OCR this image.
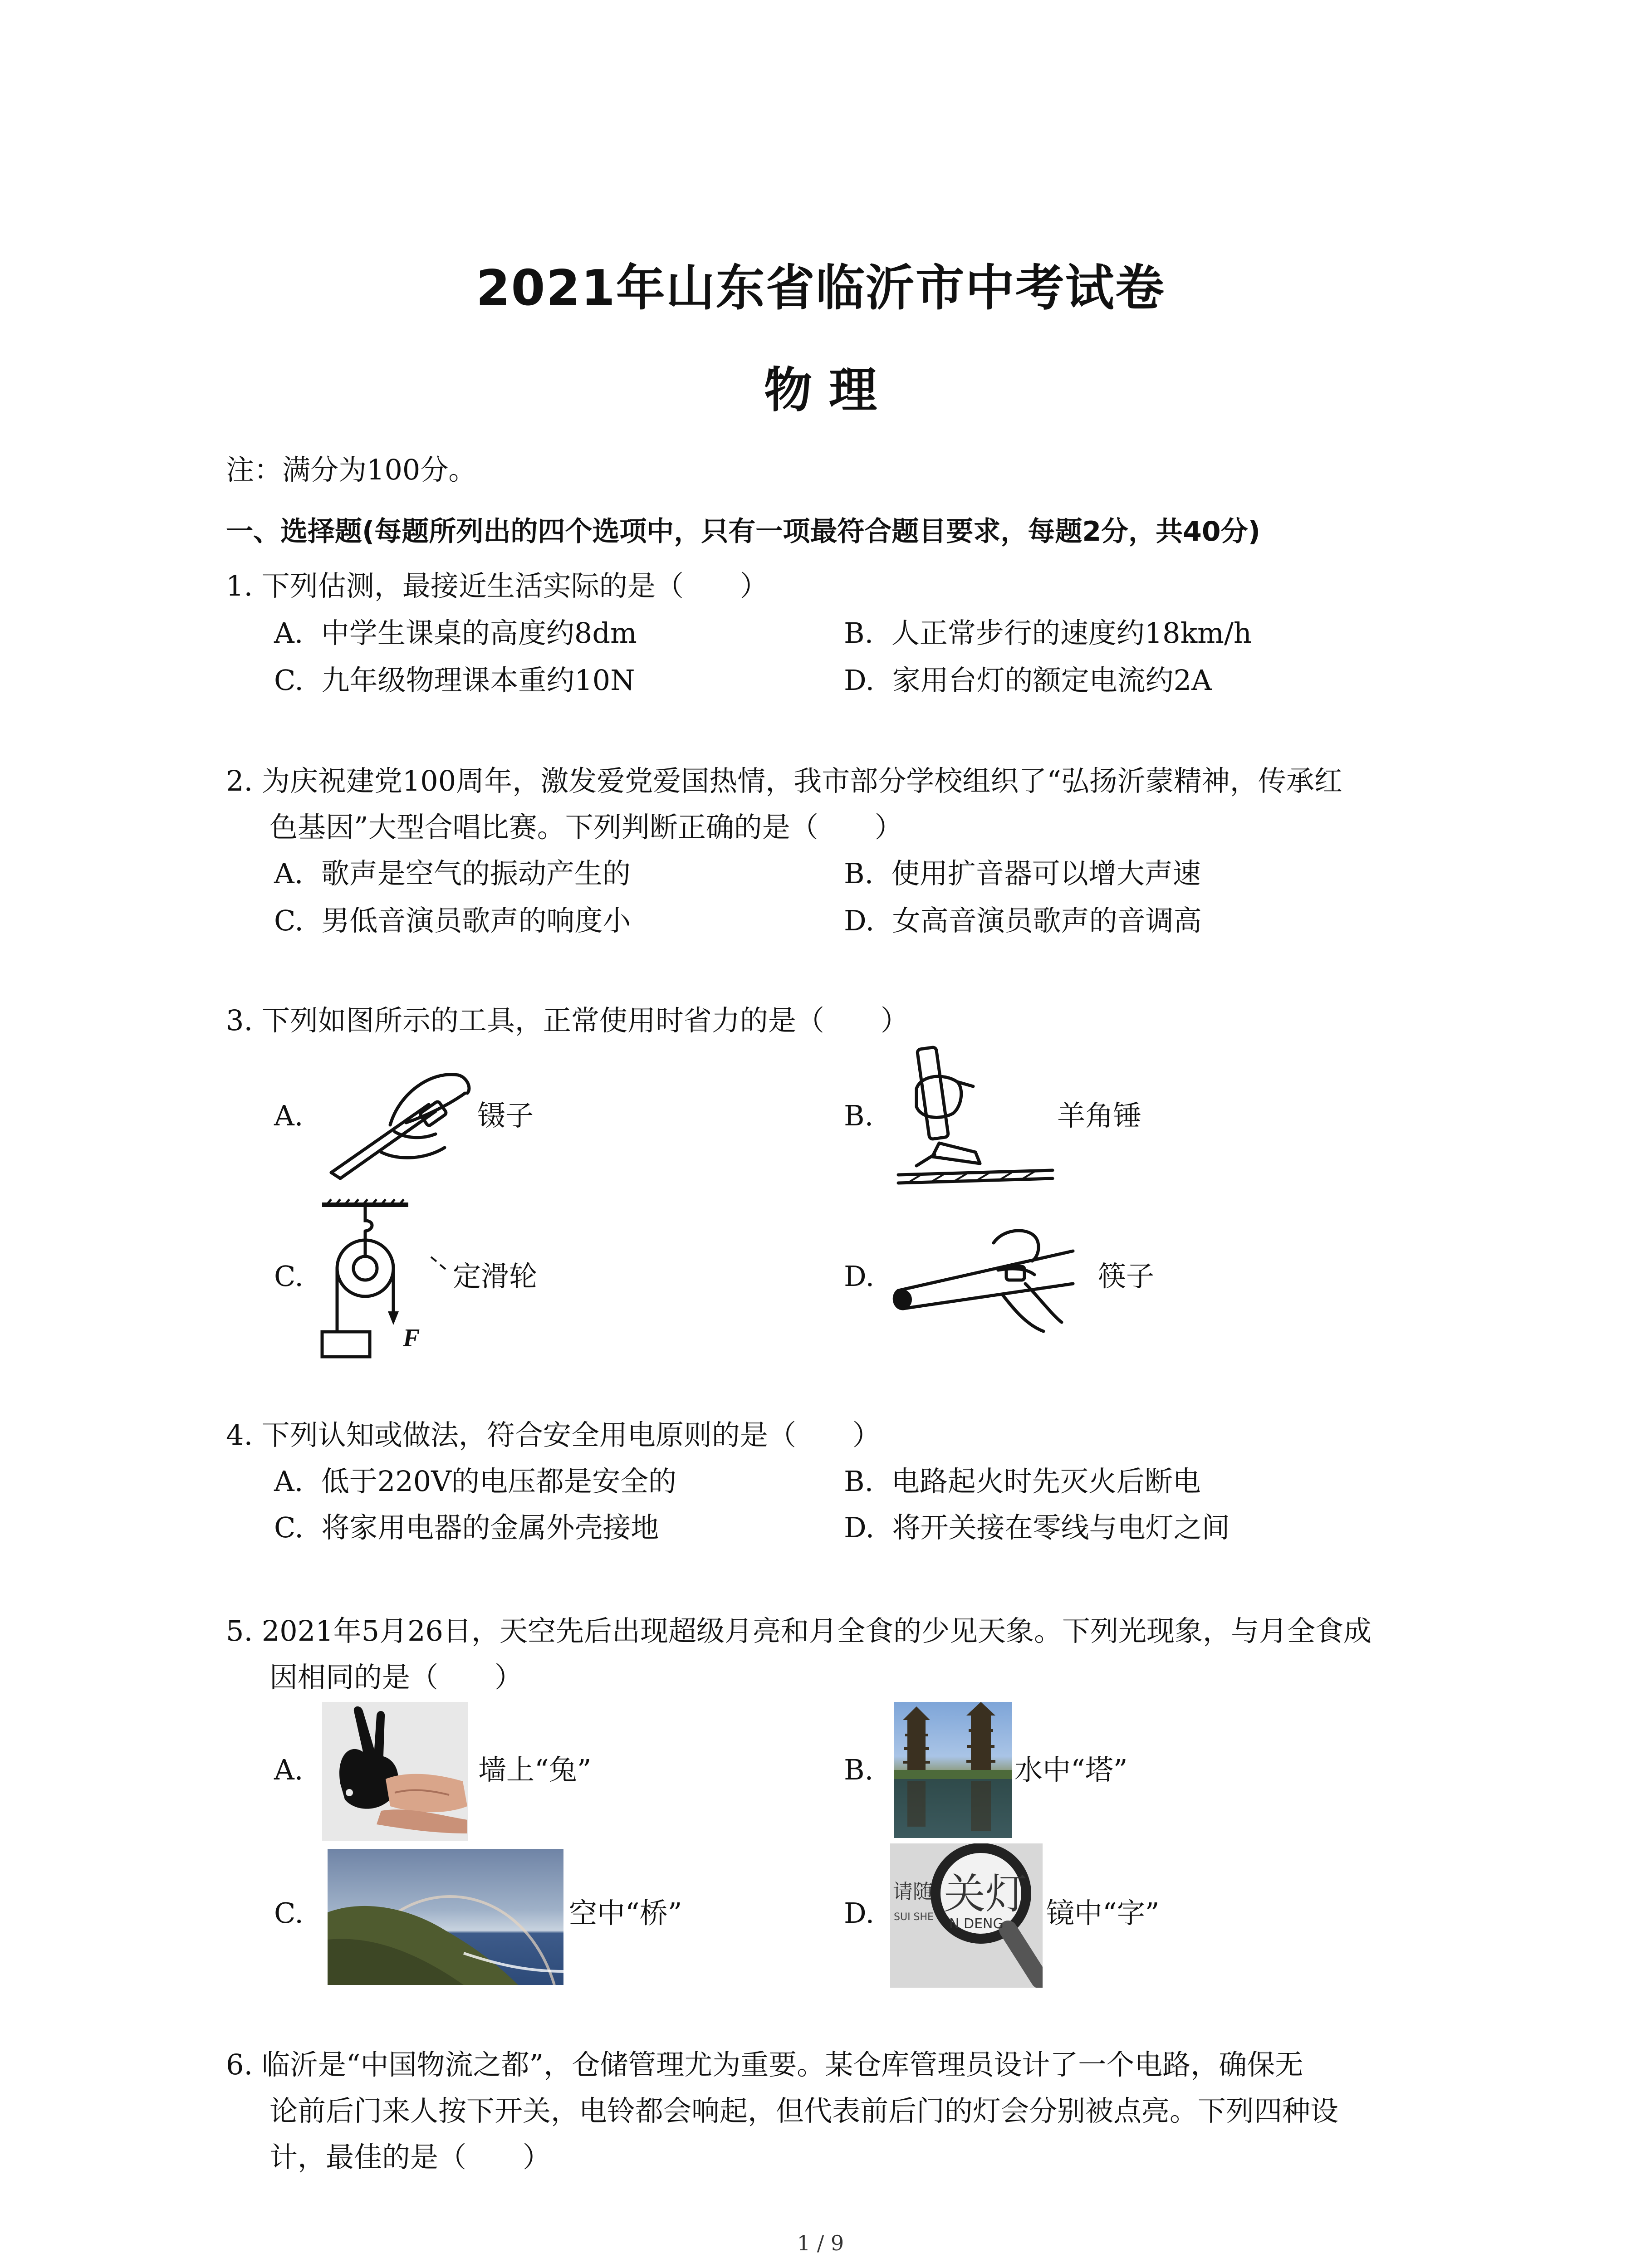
2021年山东省临沂市中考试卷
物 理
注：满分为100分。
一、选择题(每题所列出的四个选项中，只有一项最符合题目要求，每题2分，共40分)
1. 下列估测，最接近生活实际的是（　　）
A. 中学生课桌的高度约8dm	B. 人正常步行的速度约18km/h
C. 九年级物理课本重约10N	D. 家用台灯的额定电流约2A
2. 为庆祝建党100周年，激发爱党爱国热情，我市部分学校组织了“弘扬沂蒙精神，传承红
色基因”大型合唱比赛。下列判断正确的是（　　）
A. 歌声是空气的振动产生的	B. 使用扩音器可以增大声速
C. 男低音演员歌声的响度小	D. 女高音演员歌声的音调高
3. 下列如图所示的工具，正常使用时省力的是（　　）
A.	镊子	B.	羊角锤
C.
F
定滑轮	D.	筷子
4. 下列认知或做法，符合安全用电原则的是（　　）
A. 低于220V的电压都是安全的	B. 电路起火时先灭火后断电
C. 将家用电器的金属外壳接地	D. 将开关接在零线与电灯之间
5. 2021年5月26日，天空先后出现超级月亮和月全食的少见天象。下列光现象，与月全食成
因相同的是（　　）
A.	墙上“兔”	B.	水中“塔”
C.	空中“桥”	D.
请随
SUI SHE 关灯
N DENG 镜中“字”
6. 临沂是“中国物流之都”，仓储管理尤为重要。某仓库管理员设计了一个电路，确保无
论前后门来人按下开关，电铃都会响起，但代表前后门的灯会分别被点亮。下列四种设
计，最佳的是（　　）
1 / 9
